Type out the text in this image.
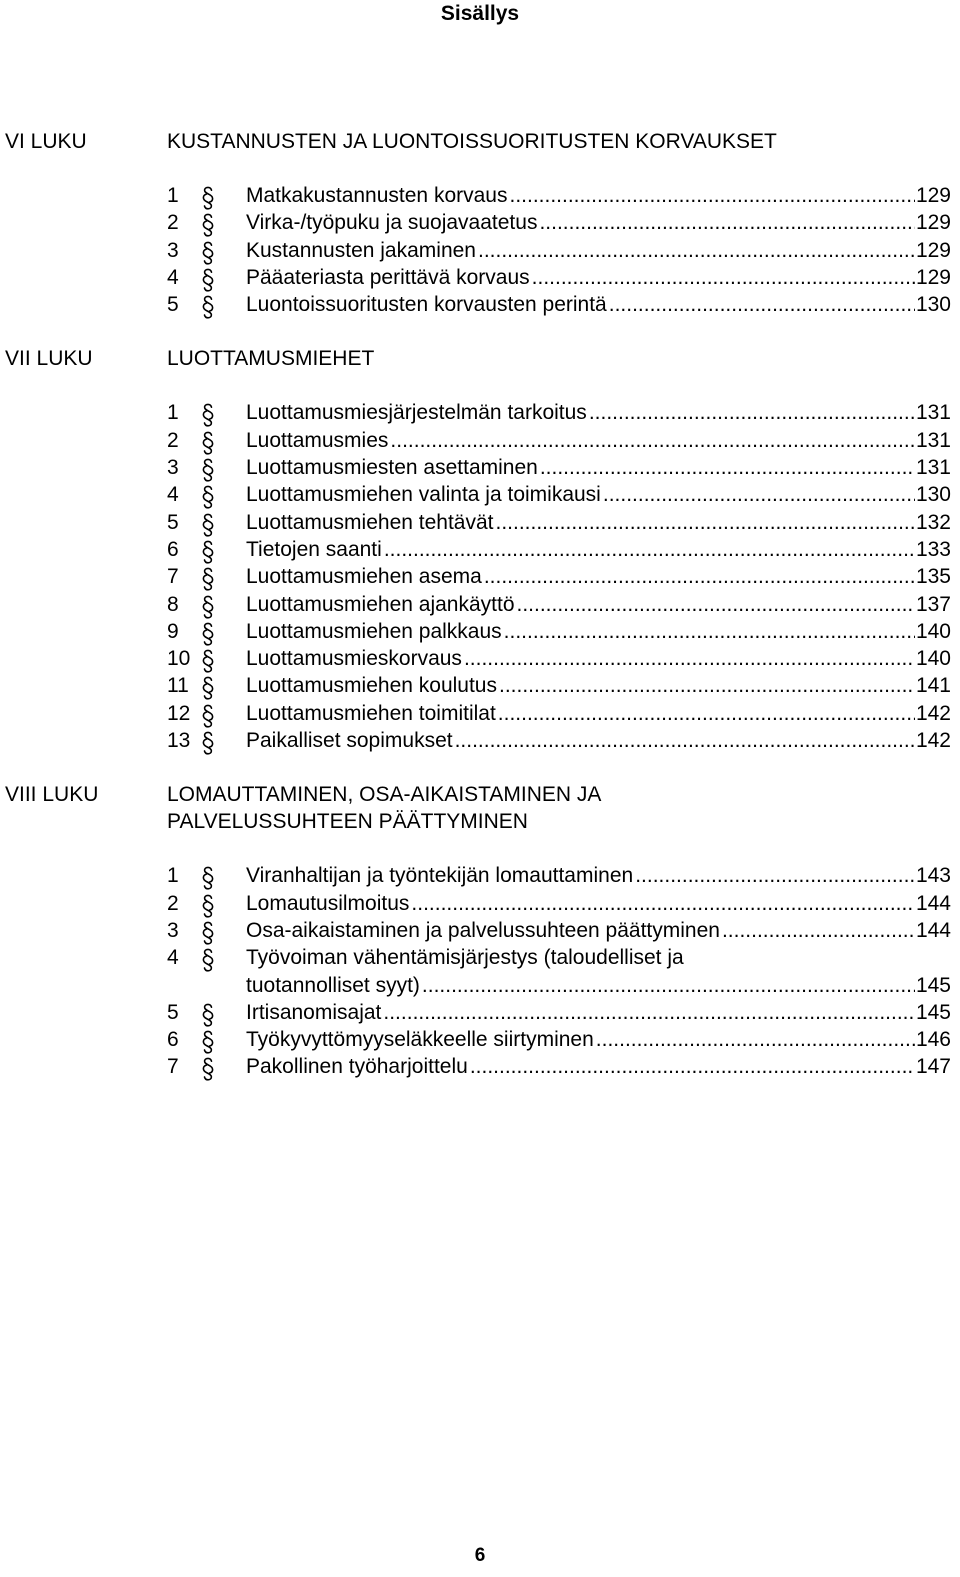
Sisällys
VI LUKU	KUSTANNUSTEN JA LUONTOISSUORITUSTEN KORVAUKSET
1	Matkakustannusten korvaus .....	129
2	Virka-/työpuku ja suojavaatetus .....	129
3	Kustannusten jakaminen .....	129
4	Pääateriasta perittävä korvaus .....	129
5	Luontoissuoritusten korvausten perintä .....	130
VII LUKU	LUOTTAMUSMIEHET
1	Luottamusmiesjärjestelmän tarkoitus .....	131
2	Luottamusmies .....	131
3	Luottamusmiesten asettaminen .....	131
4	Luottamusmiehen valinta ja toimikausi .....	130
5	Luottamusmiehen tehtävät .....	132
6	Tietojen saanti .....	133
7	Luottamusmiehen asema .....	135
8	Luottamusmiehen ajankäyttö .....	137
9	Luottamusmiehen palkkaus .....	140
10	Luottamusmieskorvaus .....	140
11	Luottamusmiehen koulutus .....	141
12	Luottamusmiehen toimitilat .....	142
13	Paikalliset sopimukset .....	142
VIII LUKU	LOMAUTTAMINEN, OSA-AIKAISTAMINEN JA
PALVELUSSUHTEEN PÄÄTTYMINEN
1	Viranhaltijan ja työntekijän lomauttaminen .....	143
2	Lomautusilmoitus .....	144
3	Osa-aikaistaminen ja palvelussuhteen päättyminen .....	144
4	Työvoiman vähentämisjärjestys (taloudelliset ja
tuotannolliset syyt) .....	145
5	Irtisanomisajat .....	145
6	Työkyvyttömyyseläkkeelle siirtyminen .....	146
7	Pakollinen työharjoittelu .....	147
6
